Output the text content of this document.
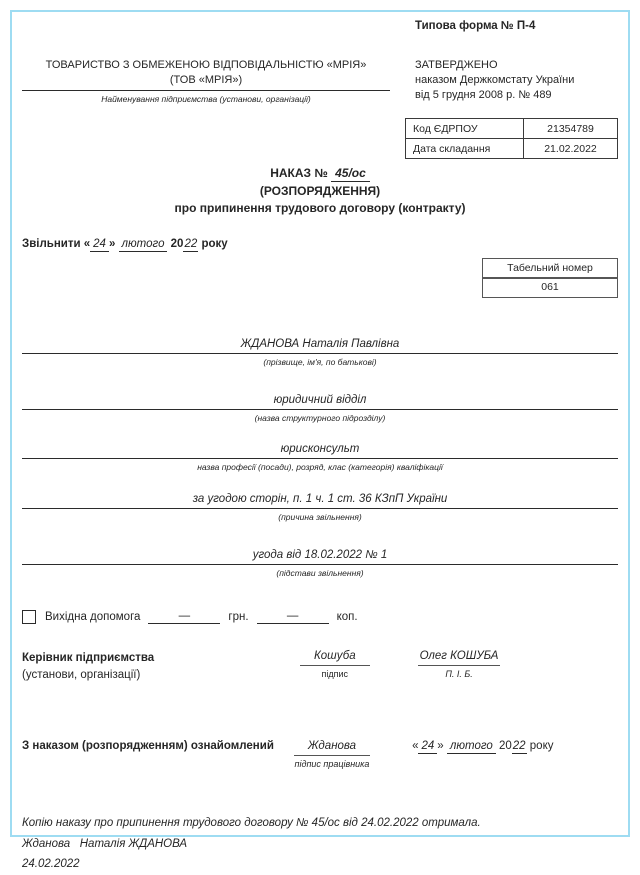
Типова форма № П-4
ТОВАРИСТВО З ОБМЕЖЕНОЮ ВІДПОВІДАЛЬНІСТЮ «МРІЯ»
(ТОВ «МРІЯ»)
Найменування підприємства (установи, організації)
ЗАТВЕРДЖЕНО
наказом Держкомстату України
від 5 грудня 2008 р. № 489
Код ЄДРПОУ	21354789
Дата складання	21.02.2022
НАКАЗ № 45/ос
(РОЗПОРЯДЖЕННЯ)
про припинення трудового договору (контракту)
Звільнити « 24 » лютого 2022 року
Табельний номер
061
ЖДАНОВА Наталія Павлівна
(прізвище, ім'я, по батькові)
юридичний відділ
(назва структурного підрозділу)
юрисконсульт
назва професії (посади), розряд, клас (категорія) кваліфікації
за угодою сторін, п. 1 ч. 1 ст. 36 КЗпП України
(причина звільнення)
угода від 18.02.2022 № 1
(підстави звільнення)
Вихідна допомога	—	грн.	—	коп.
Керівник підприємства
(установи, організації)
Кошуба
підпис
Олег КОШУБА
П. І. Б.
З наказом (розпорядженням) ознайомлений	Жданова
підпис працівника
« 24 » лютого 2022 року
Копію наказу про припинення трудового договору № 45/ос від 24.02.2022 отримала.
Жданова   Наталія ЖДАНОВА
24.02.2022
